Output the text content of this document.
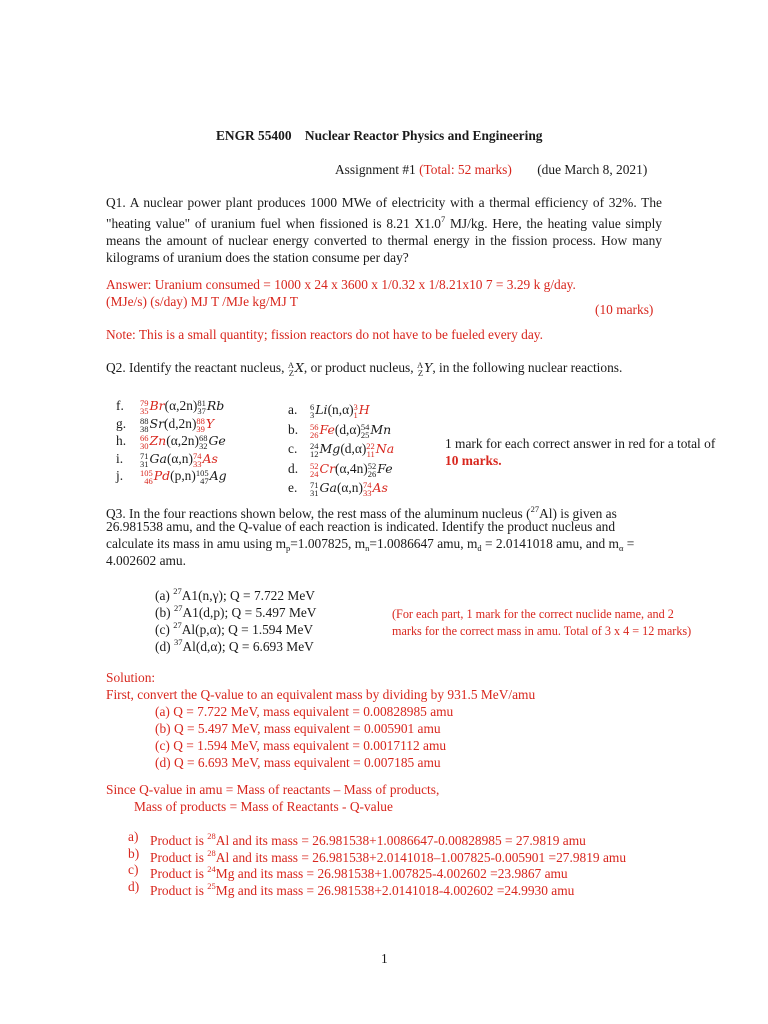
ENGR 55400 Nuclear Reactor Physics and Engineering
Assignment #1 (Total: 52 marks) (due March 8, 2021)
Q1. A nuclear power plant produces 1000 MWe of electricity with a thermal efficiency of 32%. The "heating value" of uranium fuel when fissioned is 8.21 $X1.0^7$ MJ/kg. Here, the heating value simply means the amount of nuclear energy converted to thermal energy in the fission process. How many kilograms of uranium does the station consume per day?
Answer: Uranium consumed = 1000 x 24 x 3600 x 1/0.32 x 1/8.21x10 7 = 3.29 k g/day.
(MJe/s) (s/day) MJ T /MJe kg/MJ T
(10 marks)
Note: This is a small quantity; fission reactors do not have to be fueled every day.
Q2. Identify the reactant nucleus, A
Z X, or product nucleus, A
Z Y, in the following nuclear reactions.
f. 79
35 Br(α,2n) 81
37 Rb
g. 88
38 Sr(d,2n) 88
39 Y
h. 66
30 Zn(α,2n) 68
32 Ge
i. 71
31 Ga(α,n) 74
33 As
j. 105
46 Pd(p,n) 105
47 Ag
a. 6
3 Li(n,α) 3
1 H
b. 56
26 Fe(d,α) 54
25 Mn
c. 24
12 Mg(d,α) 22
11 Na
d. 52
24 Cr(α,4n) 52
26 Fe
e. 71
31 Ga(α,n) 74
33 As
1 mark for each correct answer in red for a total of
10 marks.
Q3. In the four reactions shown below, the rest mass of the aluminum nucleus ($^{27}$Al) is given as
26.981538 amu, and the Q-value of each reaction is indicated. Identify the product nucleus and
calculate its mass in amu using $m_p=1.007825$, $m_n=1.0086647$ amu, $m_d = 2.0141018$ amu, and $m_\alpha$ =
4.002602 amu.
(a) $^{27}$A1(n,γ); Q = 7.722 MeV
(b) $^{27}$A1(d,p); Q = 5.497 MeV
(c) $^{27}$Al(p,α); Q = 1.594 MeV
(d) $^{37}$Al(d,α); Q = 6.693 MeV
(For each part, 1 mark for the correct nuclide name, and 2
marks for the correct mass in amu. Total of 3 x 4 = 12 marks)
Solution:
First, convert the Q-value to an equivalent mass by dividing by 931.5 MeV/amu
(a) Q = 7.722 MeV, mass equivalent = 0.00828985 amu
(b) Q = 5.497 MeV, mass equivalent = 0.005901 amu
(c) Q = 1.594 MeV, mass equivalent = 0.0017112 amu
(d) Q = 6.693 MeV, mass equivalent = 0.007185 amu
Since Q-value in amu = Mass of reactants – Mass of products,
Mass of products = Mass of Reactants - Q-value
a) Product is $^{28}$Al and its mass = 26.981538+1.0086647-0.00828985 = 27.9819 amu
b) Product is $^{28}$Al and its mass = 26.981538+2.0141018–1.007825-0.005901 =27.9819 amu
c) Product is $^{24}$Mg and its mass = 26.981538+1.007825-4.002602 =23.9867 amu
d) Product is $^{25}$Mg and its mass = 26.981538+2.0141018-4.002602 =24.9930 amu
1
